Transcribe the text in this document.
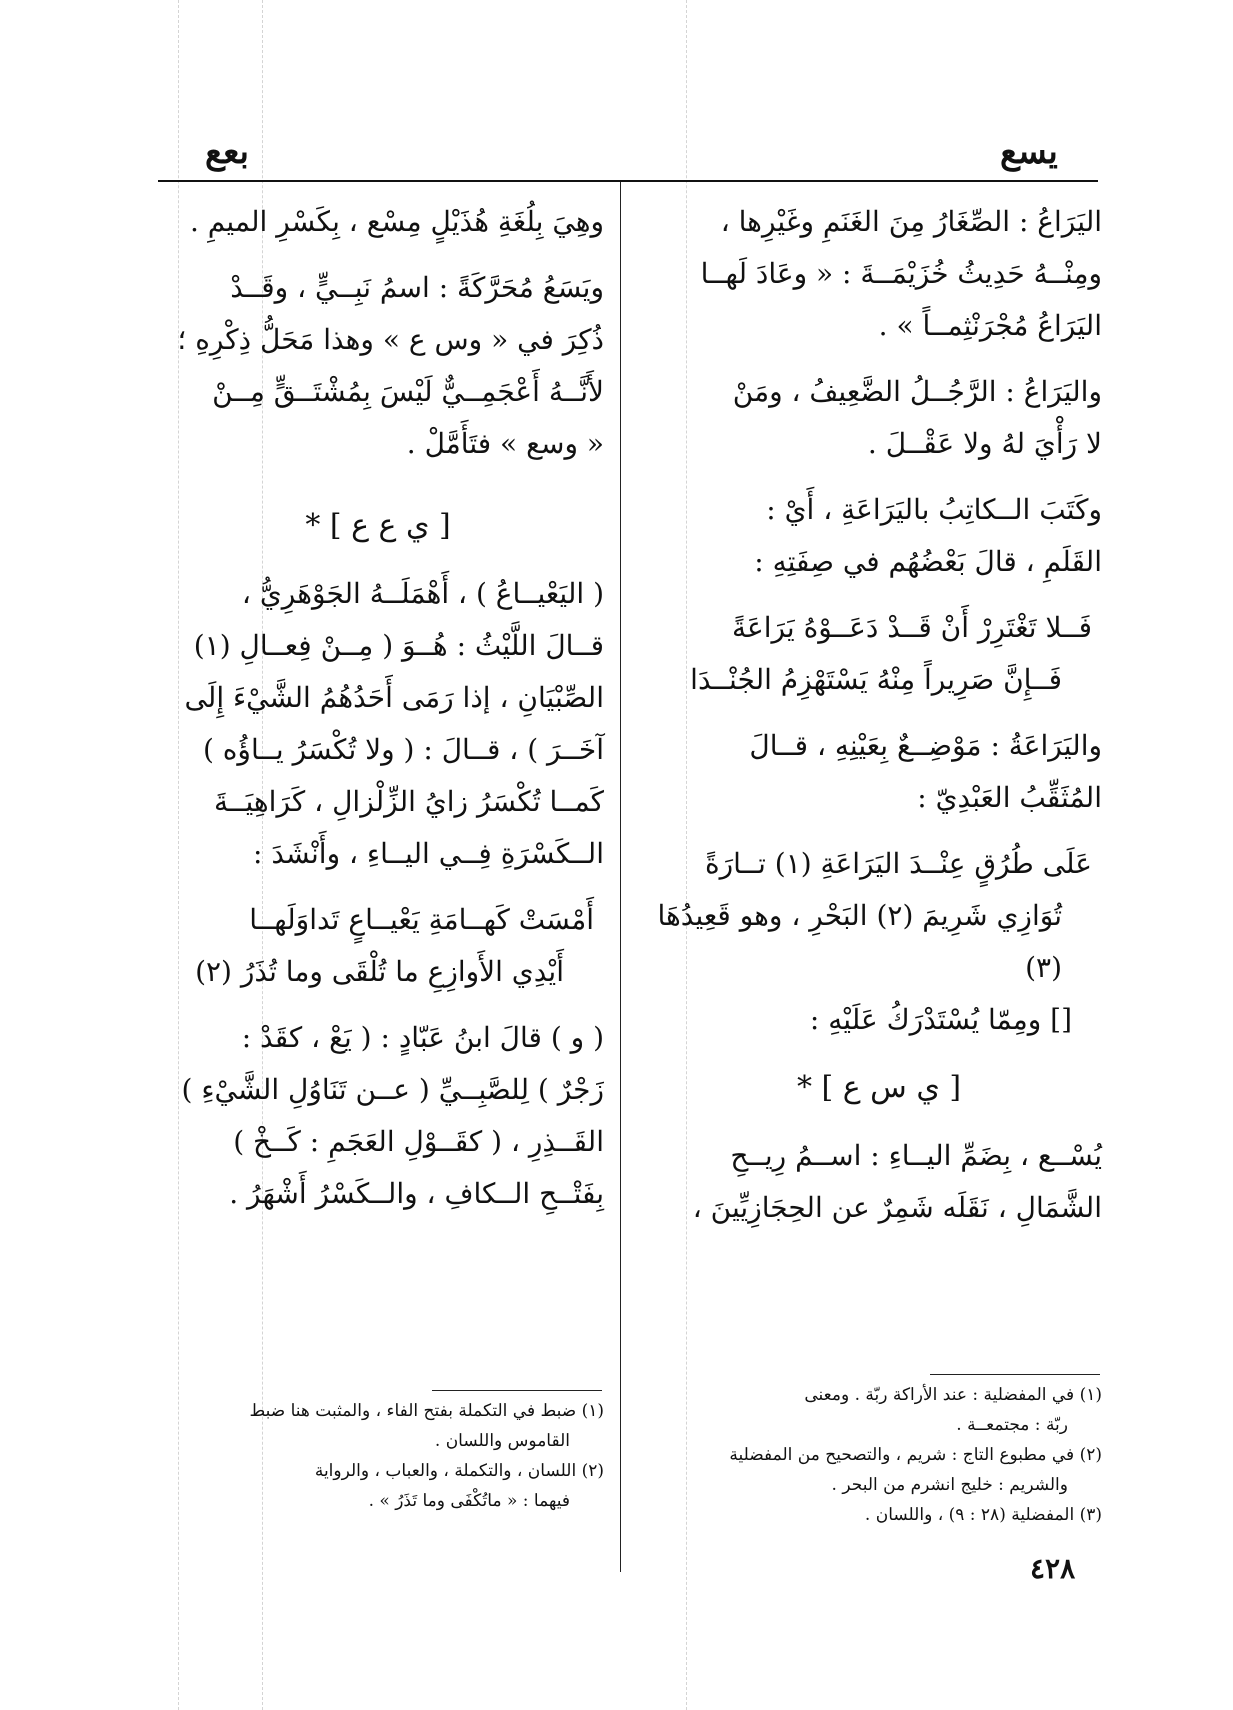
بعع	يسع

اليَرَاعُ : الصِّغَارُ مِنَ الغَنَمِ وغَيْرِها ،

ومِنْــهُ حَدِيثُ خُزَيْمَــةَ : « وعَادَ لَهــا

اليَرَاعُ مُجْرَنْثِمــاً » .

واليَرَاعُ : الرَّجُــلُ الضَّعِيفُ ، ومَنْ

لا رَأْيَ لهُ ولا عَقْــلَ .

وكَتَبَ الــكاتِبُ باليَرَاعَةِ ، أَيْ :

القَلَمِ ، قالَ بَعْضُهُم في صِفَتِهِ :

فَــلا تَغْتَرِرْ أَنْ قَــدْ دَعَــوْهُ يَرَاعَةً

فَــإِنَّ صَرِيراً مِنْهُ يَسْتَهْزِمُ الجُنْــدَا

واليَرَاعَةُ : مَوْضِــعٌ بِعَيْنِهِ ، قــالَ

المُثَقِّبُ العَبْدِيّ :

عَلَى طُرُقٍ عِنْــدَ اليَرَاعَةِ (١) تــارَةً

تُوَازِي شَرِيمَ (٢) البَحْرِ ، وهو قَعِيدُهَا (٣)

[] ومِمّا يُسْتَدْرَكُ عَلَيْهِ :

[ ي س ع ] *

يُسْــع ، بِضَمِّ اليــاءِ : اســمُ رِيــحِ

الشَّمَالِ ، نَقَلَه شَمِرٌ عن الحِجَازِيِّينَ ،

وهِيَ بِلُغَةِ هُذَيْلٍ مِسْع ، بِكَسْرِ الميمِ .

ويَسَعُ مُحَرَّكَةً : اسمُ نَبِــيٍّ ، وقَــدْ

ذُكِرَ في « وس ع » وهذا مَحَلُّ ذِكْرِهِ ؛

لأَنَّــهُ أَعْجَمِــيٌّ لَيْسَ بِمُشْتَــقٍّ مِــنْ

« وسع » فتَأَمَّلْ .

[ ي ع ع ] *

( اليَعْيــاعُ ) ، أَهْمَلَــهُ الجَوْهَرِيُّ ،

قــالَ اللَّيْثُ : هُــوَ ( مِــنْ فِعــالِ (١)

الصِّبْيَانِ ، إذا رَمَى أَحَدُهُمُ الشَّيْءَ إِلَى

آخَــرَ ) ، قــالَ : ( ولا تُكْسَرُ يــاؤُه )

كَمــا تُكْسَرُ زايُ الزِّلْزالِ ، كَرَاهِيَــةَ

الــكَسْرَةِ فِــي اليــاءِ ، وأَنْشَدَ :

أَمْسَتْ كَهــامَةِ يَعْيــاعٍ تَداوَلَهــا

أَيْدِي الأَوازِعِ ما تُلْقَى وما تُذَرُ (٢)

( و ) قالَ ابنُ عَبّادٍ : ( يَعْ ، كقَدْ :

زَجْرٌ ) لِلصَّبِــيِّ ( عــن تَنَاوُلِ الشَّيْءِ )

القَــذِرِ ، ( كقَــوْلِ العَجَمِ : كَــخْ )

بِفَتْــحِ الــكافِ ، والــكَسْرُ أَشْهَرُ .

(١) في المفضلية : عند الأراكة ربّة . ومعنى

ربّة : مجتمعــة .

(٢) في مطبوع التاج : شريم ، والتصحيح من المفضلية

والشريم : خليج انشرم من البحر .

(٣) المفضلية (٢٨ : ٩) ، واللسان .

(١) ضبط في التكملة بفتح الفاء ، والمثبت هنا ضبط

القاموس واللسان .

(٢) اللسان ، والتكملة ، والعباب ، والرواية

فيهما : « ماتُكْفَى وما تَذَرُ » .

٤٢٨
